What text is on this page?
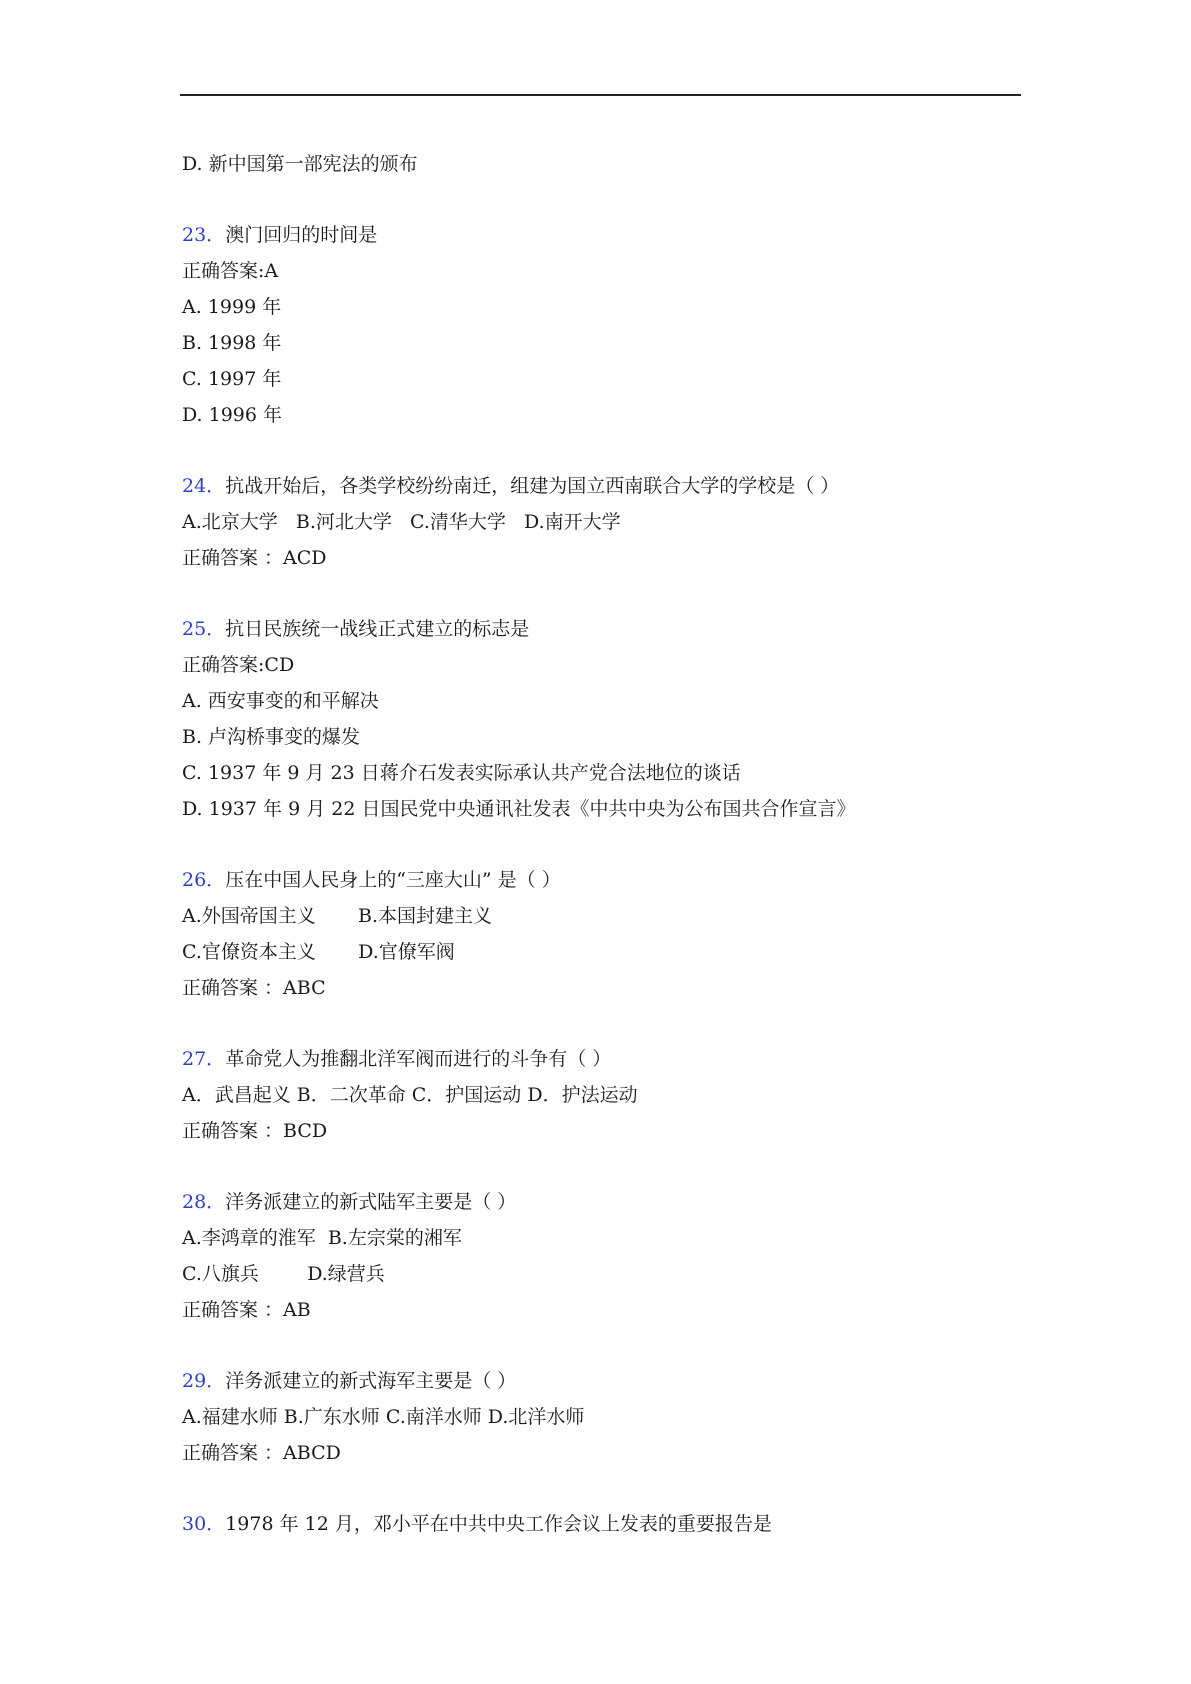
D. 新中国第一部宪法的颁布
23．澳门回归的时间是
正确答案:A
A. 1999 年
B. 1998 年
C. 1997 年
D. 1996 年
24．抗战开始后，各类学校纷纷南迁，组建为国立西南联合大学的学校是（ ）
A.北京大学   B.河北大学   C.清华大学   D.南开大学
正确答案 ：ACD
25．抗日民族统一战线正式建立的标志是
正确答案:CD
A. 西安事变的和平解决
B. 卢沟桥事变的爆发
C. 1937 年 9 月 23 日蒋介石发表实际承认共产党合法地位的谈话
D. 1937 年 9 月 22 日国民党中央通讯社发表《中共中央为公布国共合作宣言》
26．压在中国人民身上的“三座大山” 是（ ）
A.外国帝国主义       B.本国封建主义
C.官僚资本主义       D.官僚军阀
正确答案 ：ABC
27．革命党人为推翻北洋军阀而进行的斗争有（ ）
A．武昌起义 B．二次革命 C．护国运动 D．护法运动
正确答案 ：BCD
28．洋务派建立的新式陆军主要是（ ）
A.李鸿章的淮军  B.左宗棠的湘军
C.八旗兵        D.绿营兵
正确答案 ：AB
29．洋务派建立的新式海军主要是（ ）
A.福建水师 B.广东水师 C.南洋水师 D.北洋水师
正确答案 ：ABCD
30．1978 年 12 月，邓小平在中共中央工作会议上发表的重要报告是
